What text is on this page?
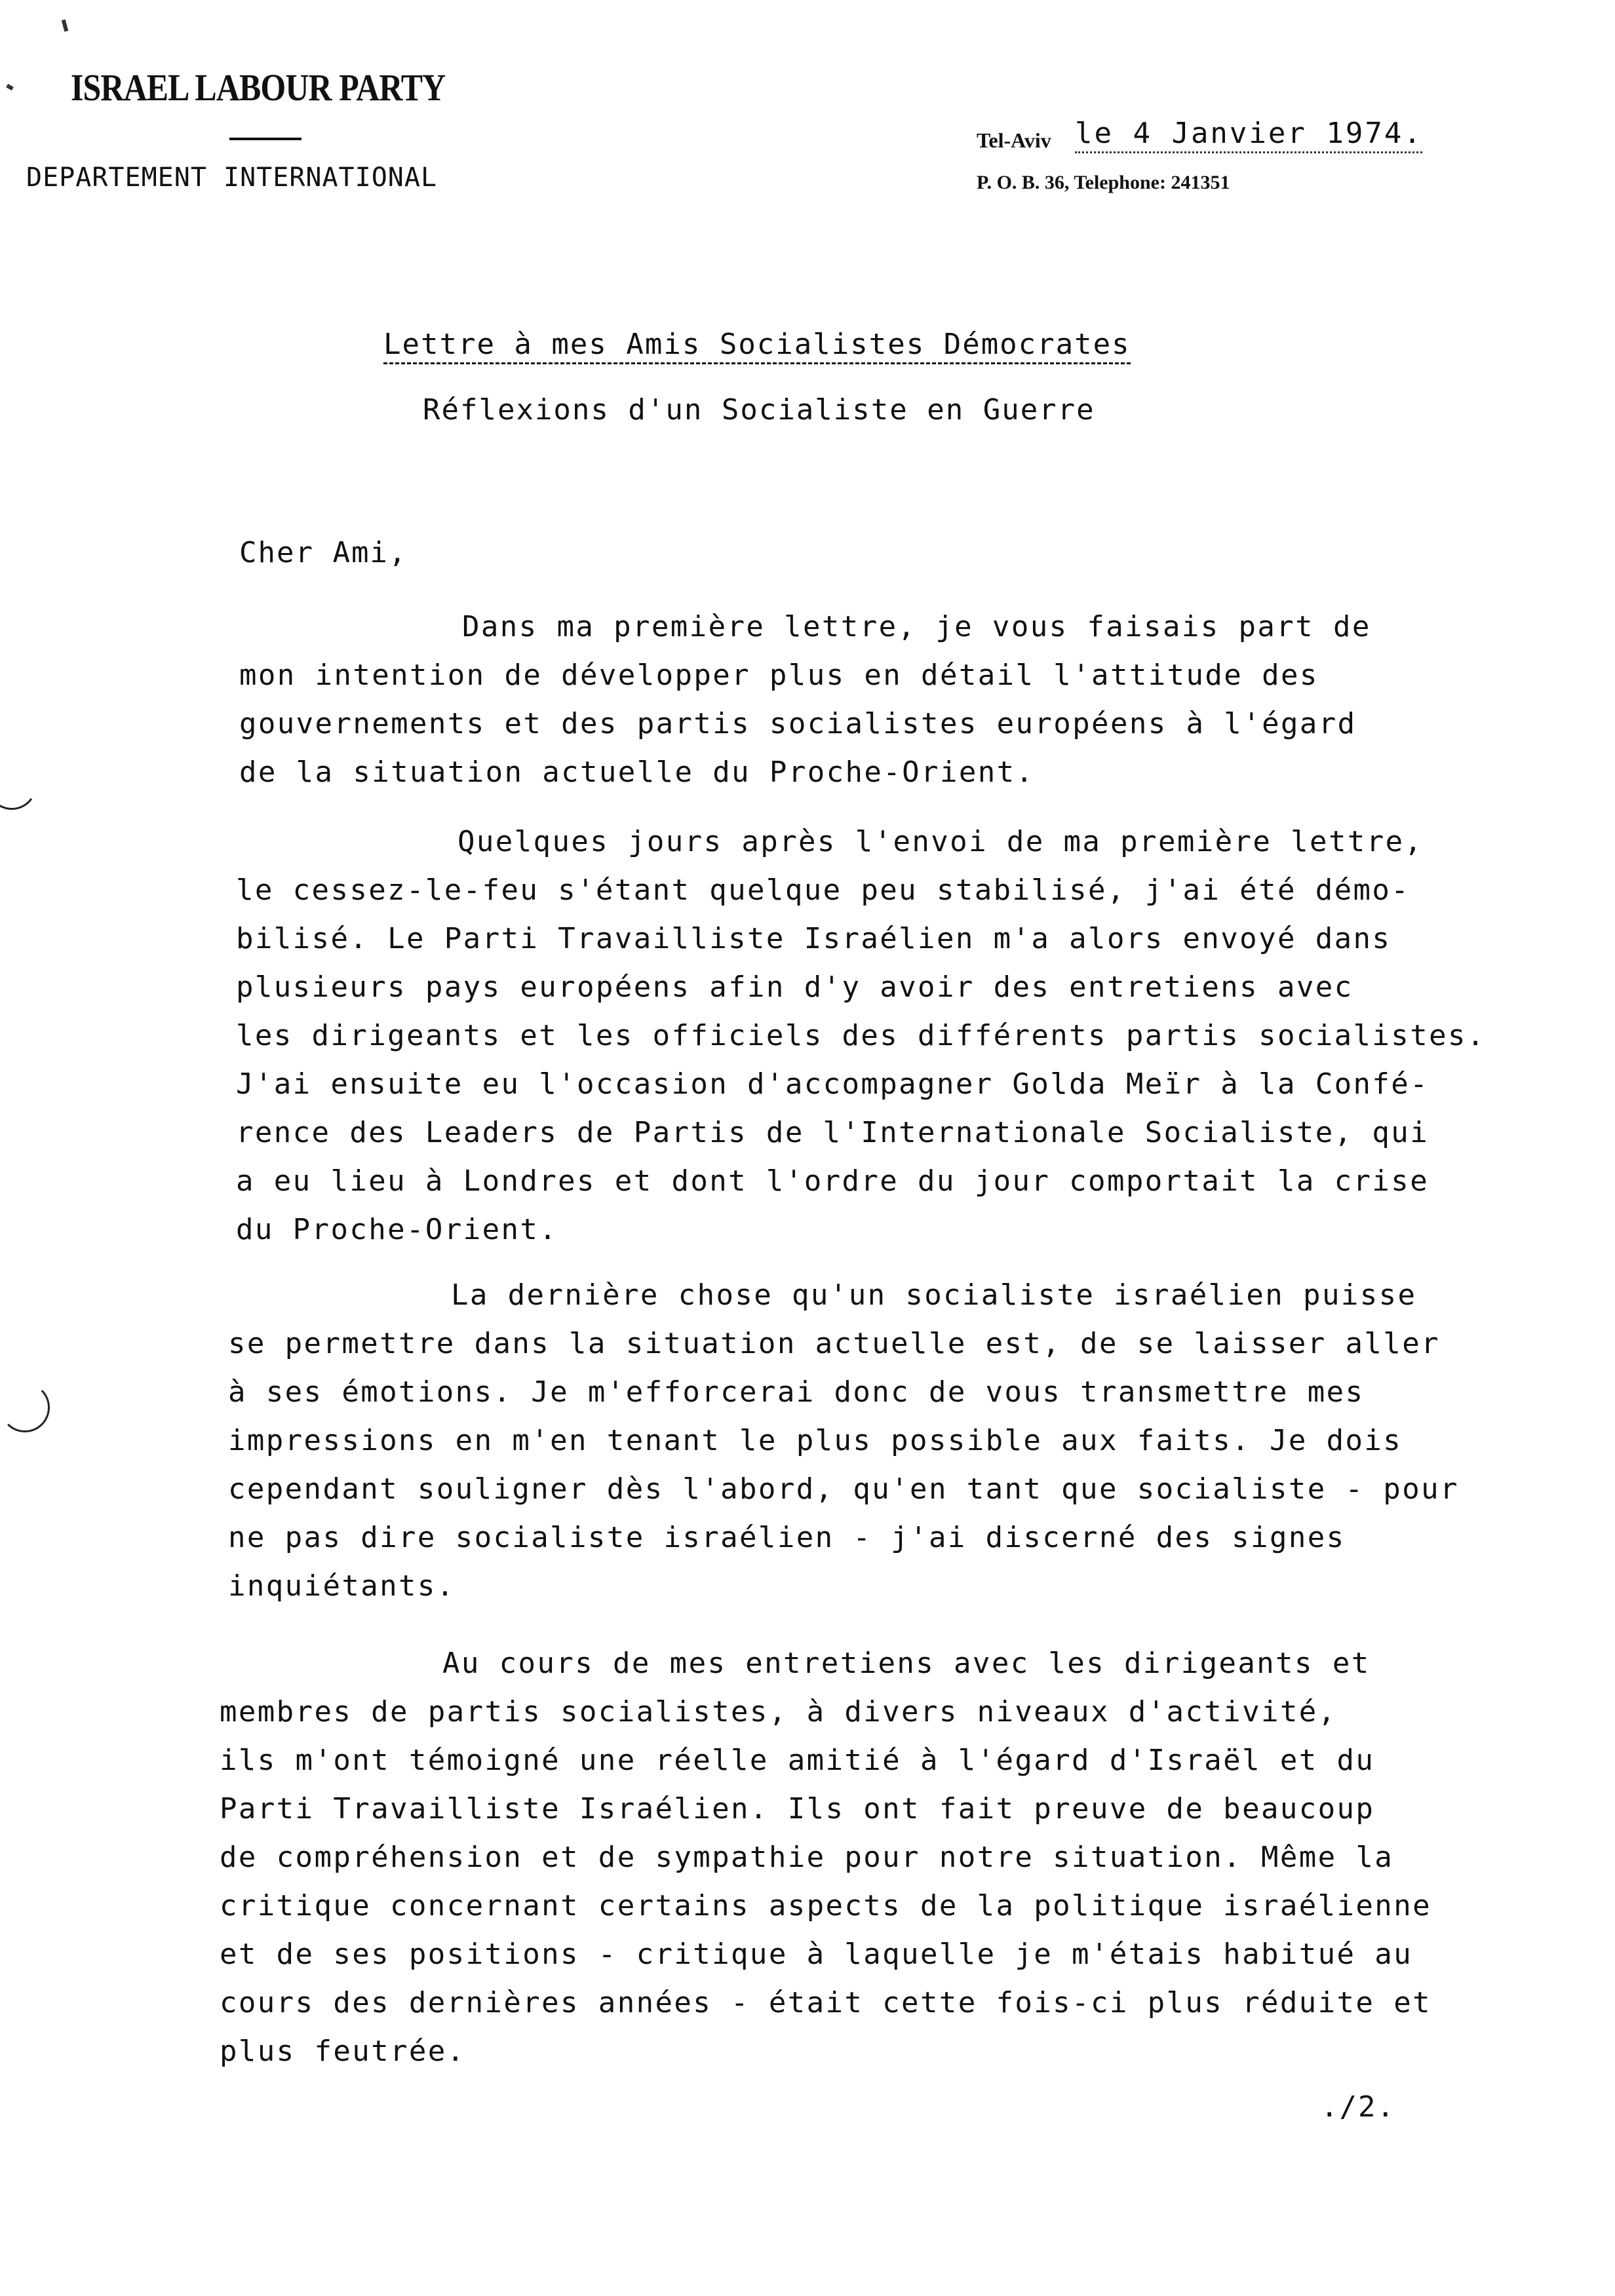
ISRAEL LABOUR PARTY
DEPARTEMENT INTERNATIONAL
Tel-Aviv le 4 Janvier 1974.
P. O. B. 36, Telephone: 241351
Lettre à mes Amis Socialistes Démocrates
Réflexions d'un Socialiste en Guerre
Cher Ami,
Dans ma première lettre, je vous faisais part de
mon intention de développer plus en détail l'attitude des
gouvernements et des partis socialistes européens à l'égard
de la situation actuelle du Proche-Orient.
Quelques jours après l'envoi de ma première lettre,
le cessez-le-feu s'étant quelque peu stabilisé, j'ai été démo-
bilisé. Le Parti Travailliste Israélien m'a alors envoyé dans
plusieurs pays européens afin d'y avoir des entretiens avec
les dirigeants et les officiels des différents partis socialistes.
J'ai ensuite eu l'occasion d'accompagner Golda Meïr à la Confé-
rence des Leaders de Partis de l'Internationale Socialiste, qui
a eu lieu à Londres et dont l'ordre du jour comportait la crise
du Proche-Orient.
La dernière chose qu'un socialiste israélien puisse
se permettre dans la situation actuelle est, de se laisser aller
à ses émotions. Je m'efforcerai donc de vous transmettre mes
impressions en m'en tenant le plus possible aux faits. Je dois
cependant souligner dès l'abord, qu'en tant que socialiste - pour
ne pas dire socialiste israélien - j'ai discerné des signes
inquiétants.
Au cours de mes entretiens avec les dirigeants et
membres de partis socialistes, à divers niveaux d'activité,
ils m'ont témoigné une réelle amitié à l'égard d'Israël et du
Parti Travailliste Israélien. Ils ont fait preuve de beaucoup
de compréhension et de sympathie pour notre situation. Même la
critique concernant certains aspects de la politique israélienne
et de ses positions - critique à laquelle je m'étais habitué au
cours des dernières années - était cette fois-ci plus réduite et
plus feutrée.
./2.
